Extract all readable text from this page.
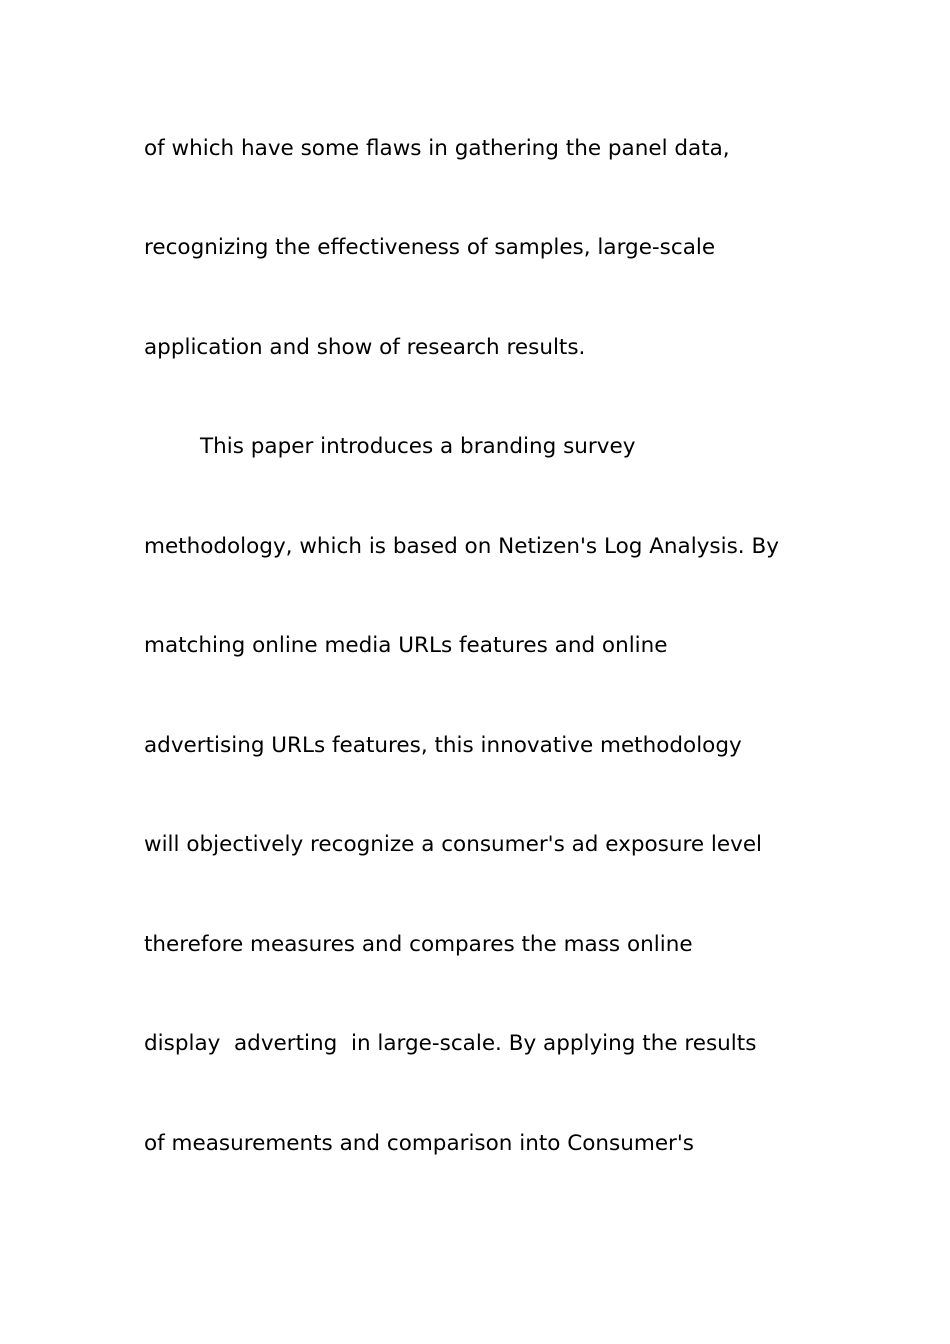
of which have some flaws in gathering the panel data,
recognizing the effectiveness of samples, large-scale
application and show of research results.
This paper introduces a branding survey
methodology, which is based on Netizen's Log Analysis. By
matching online media URLs features and online
advertising URLs features, this innovative methodology
will objectively recognize a consumer's ad exposure level
therefore measures and compares the mass online
display  adverting  in large-scale. By applying the results
of measurements and comparison into Consumer's
